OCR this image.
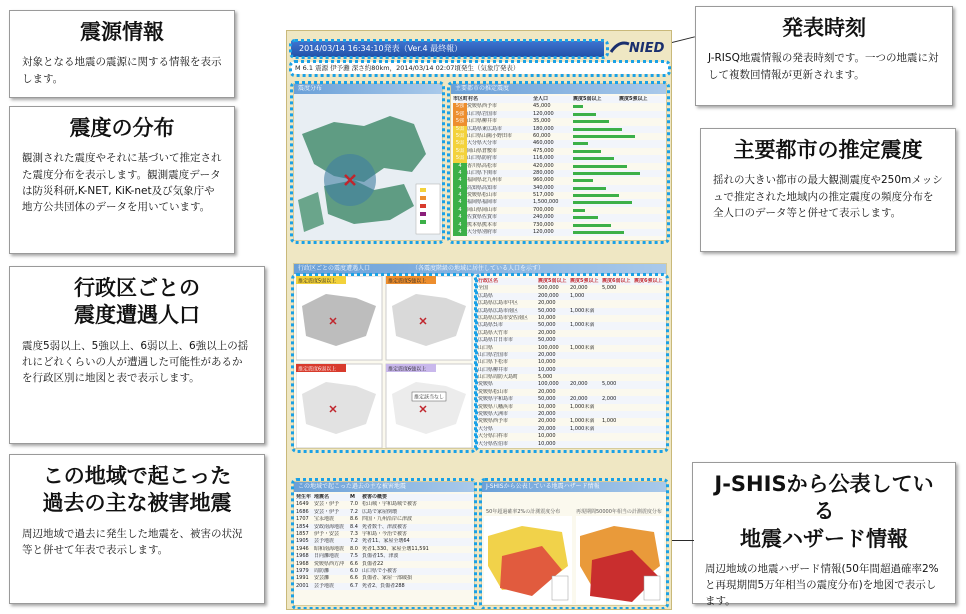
震源情報
対象となる地震の震源に関する情報を表示します。
震度の分布
観測された震度やそれに基づいて推定された震度分布を表示します。観測震度データは防災科研,K-NET, KiK-net及び気象庁や地方公共団体のデータを用いています。
行政区ごとの
震度遭遇人口
震度5弱以上、5強以上、6弱以上、6強以上の揺れにどれくらいの人が遭遇した可能性があるかを行政区別に地図と表で表示します。
この地域で起こった
過去の主な被害地震
周辺地域で過去に発生した地震を、被害の状況等と併せて年表で表示します。
発表時刻
J-RISQ地震情報の発表時刻です。一つの地震に対して複数回情報が更新されます。
主要都市の推定震度
揺れの大きい都市の最大観測震度や250mメッシュで推定された地域内の推定震度の頻度分布を全人口のデータ等と併せて表示します。
J-SHISから公表している
地震ハザード情報
周辺地域の地震ハザード情報(50年間超過確率2%と再現期間5万年相当の震度分布)を地図で表示します。
2014/03/14 16:34:10発表（Ver.4 最終報）	NIED
M 6.1 震源 伊予灘 深さ約80km，2014/03/14 02:07頃発生（気象庁発表）
震度分布	主要都市の推定震度
市区町村名	全人口	震度5弱以上	震度5強以上
5強 愛媛県西予市	45,000
5強 山口県岩国市	120,000
5強 山口県柳井市	35,000
5弱 広島県東広島市	180,000
5弱 山口県山陽小野田市	60,000
5弱 大分県大分市	460,000
5弱 岡山県倉敷市	475,000
5弱 山口県防府市	116,000
4	香川県高松市	420,000
4	山口県下関市	280,000
4	福岡県北九州市	960,000
4	高知県高知市	340,000
4	愛媛県松山市	517,000
4	福岡県福岡市	1,500,000
4	岡山県岡山市	700,000
4	佐賀県佐賀市	240,000
4	熊本県熊本市	730,000
4	大分県別府市	120,000
行政区ごとの震度遭遇人口	（各震度階級の地域に居住している人口を示す）
推定震度5弱以上	推定震度5強以上
推定震度6弱以上	推定震度6強以上
推定該当なし
行政区名	震度5弱以上 震度5強以上 震度6弱以上 震度6強以上
全国	500,000	20,000	5,000
広島県	200,000	1,000
広島県広島市中区	20,000
広島県広島市南区	50,000	1,000未満
広島県広島市安佐南区	10,000
広島県呉市	50,000	1,000未満
広島県大竹市	20,000
広島県廿日市市	50,000
山口県	100,000	1,000未満
山口県岩国市	20,000
山口県下松市	10,000
山口県柳井市	10,000
山口県周防大島町	5,000
愛媛県	100,000	20,000	5,000
愛媛県松山市	20,000
愛媛県宇和島市	50,000	20,000	2,000
愛媛県八幡浜市	10,000	1,000未満
愛媛県大洲市	20,000
愛媛県西予市	20,000	1,000未満	1,000
大分県	20,000	1,000未満
大分県臼杵市	10,000
大分県佐伯市	10,000
この地域で起こった過去の主な被害地震
発生年 地震名	M	被害の概要
1649	安芸・伊予	7.0 松山城・宇和島城で被害
1686	安芸・伊予	7.2 広島で家屋倒壊
1707	宝永地震	8.6 四国・九州沿岸に津波
1854	安政南海地震	8.4 死者数千、津波被害
1857	伊予・安芸	7.3 宇和島・今治で被害
1905	芸予地震	7.2 死者11、家屋全壊64
1946	昭和南海地震	8.0 死者1,330、家屋全壊11,591
1968	日向灘地震	7.5 負傷者15、津波
1968	愛媛県西方沖	6.6 負傷者22
1979	周防灘	6.0 山口県で小被害
1991	安芸灘	6.6 負傷者、家屋一部破損
2001	芸予地震	6.7 死者2、負傷者288
J-SHISから公表している地震ハザード情報
50年超過確率2%の計測震度分布	再現期間50000年相当の計測震度分布
